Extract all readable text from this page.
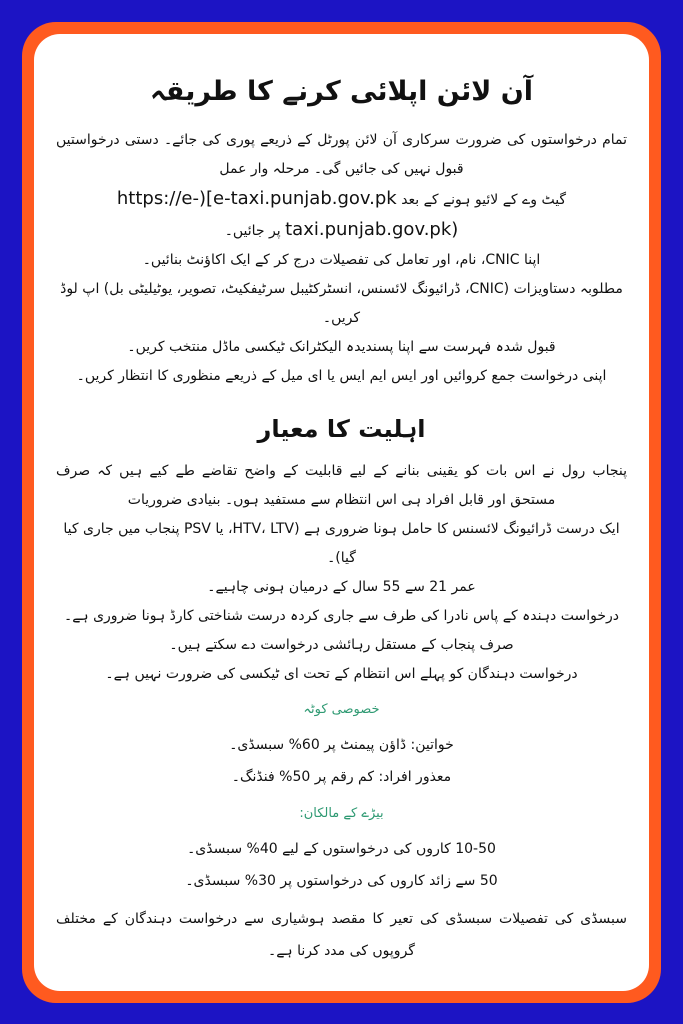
آن لائن اپلائی کرنے کا طریقہ

تمام درخواستوں کی ضرورت سرکاری آن لائن پورٹل کے ذریعے پوری کی جائے۔ دستی درخواستیں قبول نہیں کی جائیں گی۔ مرحلہ وار عمل

گیٹ وے کے لائیو ہونے کے بعد https://e-)[e-taxi.punjab.gov.pk

taxi.punjab.gov.pk) پر جائیں۔

اپنا CNIC، نام، اور تعامل کی تفصیلات درج کر کے ایک اکاؤنٹ بنائیں۔

مطلوبہ دستاویزات (CNIC، ڈرائیونگ لائسنس، انسٹرکٹیبل سرٹیفکیٹ، تصویر، یوٹیلیٹی بل) اپ لوڈ کریں۔

قبول شدہ فہرست سے اپنا پسندیدہ الیکٹرانک ٹیکسی ماڈل منتخب کریں۔

اپنی درخواست جمع کروائیں اور ایس ایم ایس یا ای میل کے ذریعے منظوری کا انتظار کریں۔

اہلیت کا معیار

پنجاب رول نے اس بات کو یقینی بنانے کے لیے قابلیت کے واضح تقاضے طے کیے ہیں کہ صرف مستحق اور قابل افراد ہی اس انتظام سے مستفید ہوں۔ بنیادی ضروریات

ایک درست ڈرائیونگ لائسنس کا حامل ہونا ضروری ہے (HTV، LTV، یا PSV پنجاب میں جاری کیا گیا)۔

عمر 21 سے 55 سال کے درمیان ہونی چاہیے۔

درخواست دہندہ کے پاس نادرا کی طرف سے جاری کردہ درست شناختی کارڈ ہونا ضروری ہے۔

صرف پنجاب کے مستقل رہائشی درخواست دے سکتے ہیں۔

درخواست دہندگان کو پہلے اس انتظام کے تحت ای ٹیکسی کی ضرورت نہیں ہے۔

خصوصی کوٹہ

خواتین: ڈاؤن پیمنٹ پر 60% سبسڈی۔

معذور افراد: کم رقم پر 50% فنڈنگ۔

بیڑے کے مالکان:

10-50 کاروں کی درخواستوں کے لیے 40% سبسڈی۔

50 سے زائد کاروں کی درخواستوں پر 30% سبسڈی۔

سبسڈی کی تفصیلات سبسڈی کی تعیر کا مقصد ہوشیاری سے درخواست دہندگان کے مختلف گروپوں کی مدد کرنا ہے۔
